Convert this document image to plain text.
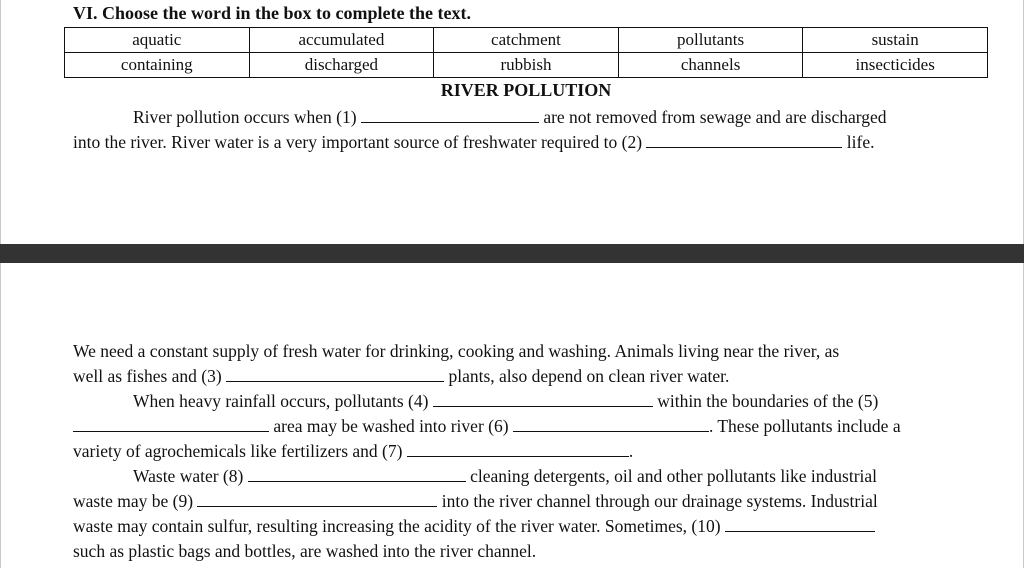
VI. Choose the word in the box to complete the text.
aquatic	accumulated	catchment	pollutants	sustain
containing	discharged	rubbish	channels	insecticides
RIVER POLLUTION
River pollution occurs when (1)	are not removed from sewage and are discharged
into the river. River water is a very important source of freshwater required to (2)	life.
We need a constant supply of fresh water for drinking, cooking and washing. Animals living near the river, as
well as fishes and (3)	plants, also depend on clean river water.
When heavy rainfall occurs, pollutants (4)	within the boundaries of the (5)
area may be washed into river (6)	. These pollutants include a
variety of agrochemicals like fertilizers and (7)	.
Waste water (8)	cleaning detergents, oil and other pollutants like industrial
waste may be (9)	into the river channel through our drainage systems. Industrial
waste may contain sulfur, resulting increasing the acidity of the river water. Sometimes, (10)
such as plastic bags and bottles, are washed into the river channel.
